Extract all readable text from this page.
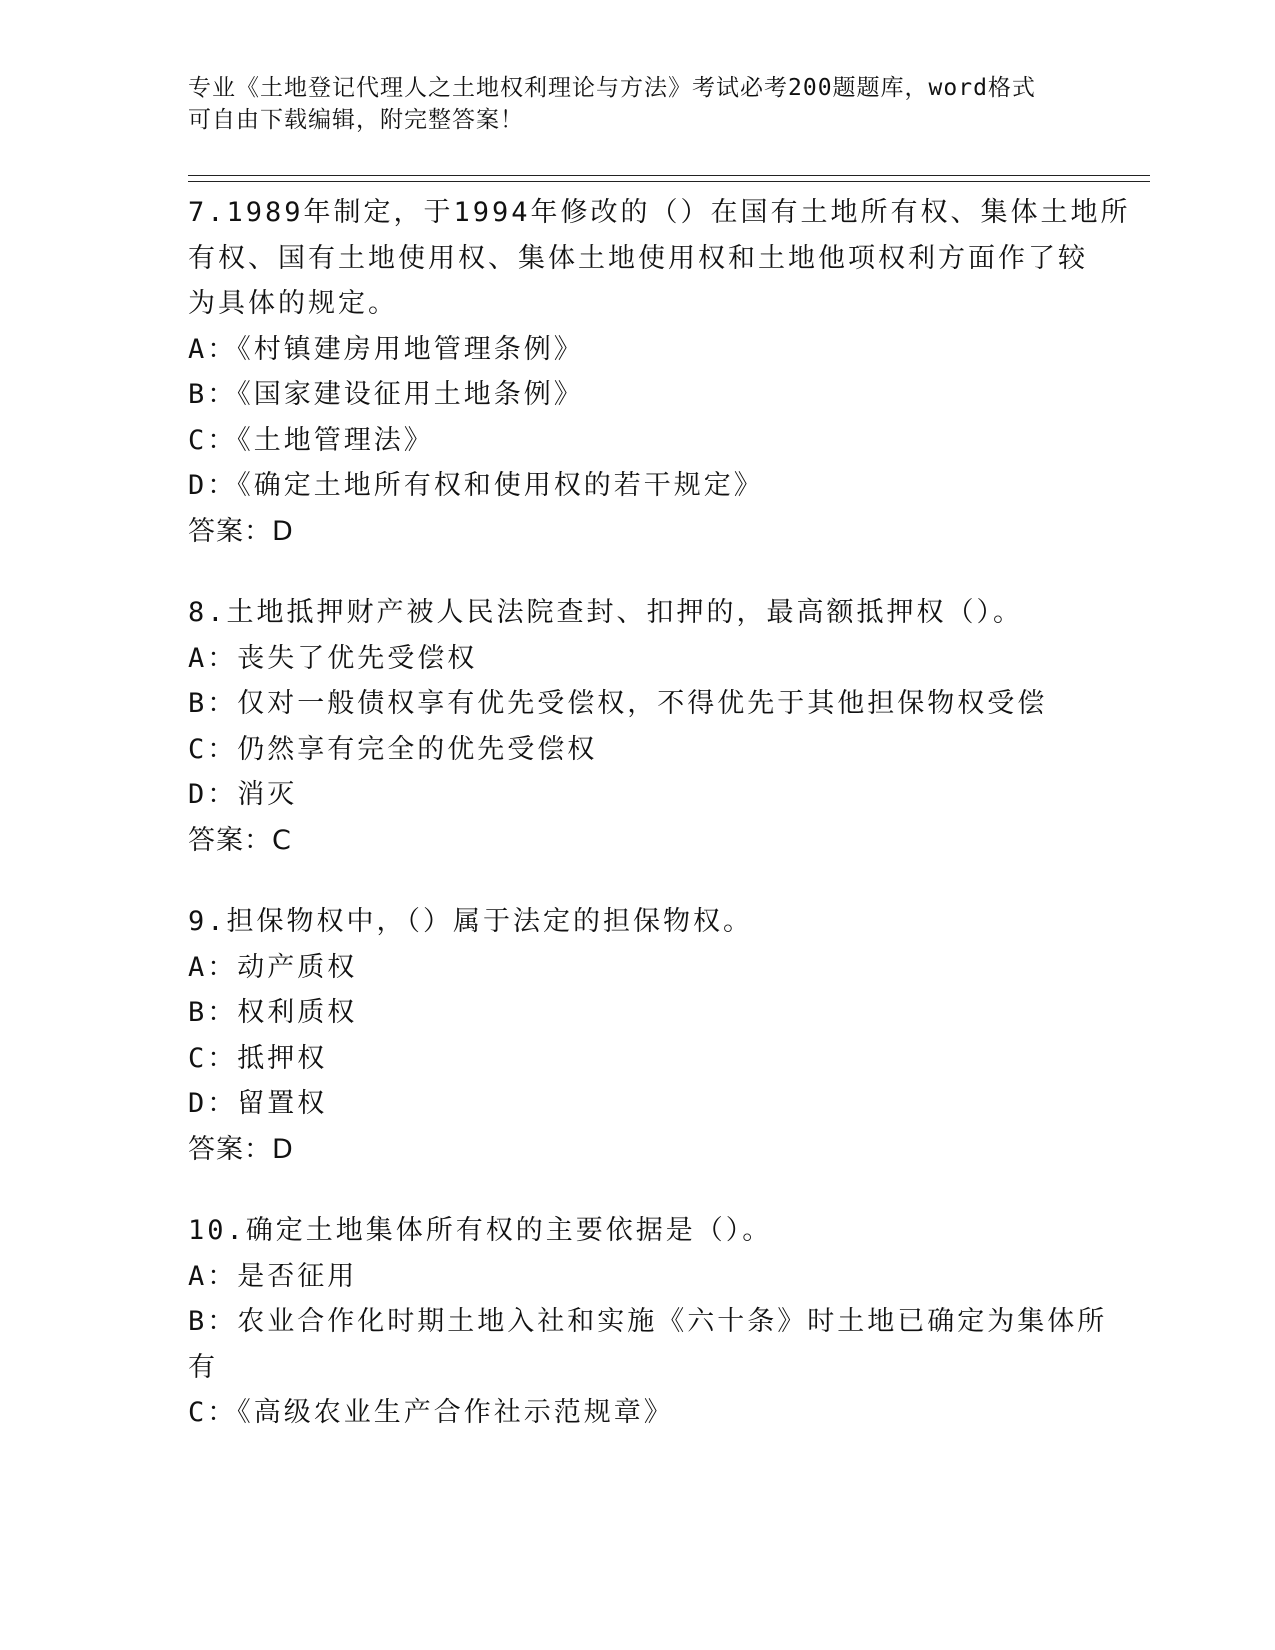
专业《土地登记代理人之土地权利理论与方法》考试必考200题题库，word格式
可自由下载编辑，附完整答案！
7.1989年制定，于1994年修改的（）在国有土地所有权、集体土地所
有权、国有土地使用权、集体土地使用权和土地他项权利方面作了较
为具体的规定。
A：《村镇建房用地管理条例》
B：《国家建设征用土地条例》
C：《土地管理法》
D：《确定土地所有权和使用权的若干规定》
答案：D
8.土地抵押财产被人民法院查封、扣押的，最高额抵押权（）。
A：丧失了优先受偿权
B：仅对一般债权享有优先受偿权，不得优先于其他担保物权受偿
C：仍然享有完全的优先受偿权
D：消灭
答案：C
9.担保物权中，（）属于法定的担保物权。
A：动产质权
B：权利质权
C：抵押权
D：留置权
答案：D
10.确定土地集体所有权的主要依据是（）。
A：是否征用
B：农业合作化时期土地入社和实施《六十条》时土地已确定为集体所
有
C：《高级农业生产合作社示范规章》
